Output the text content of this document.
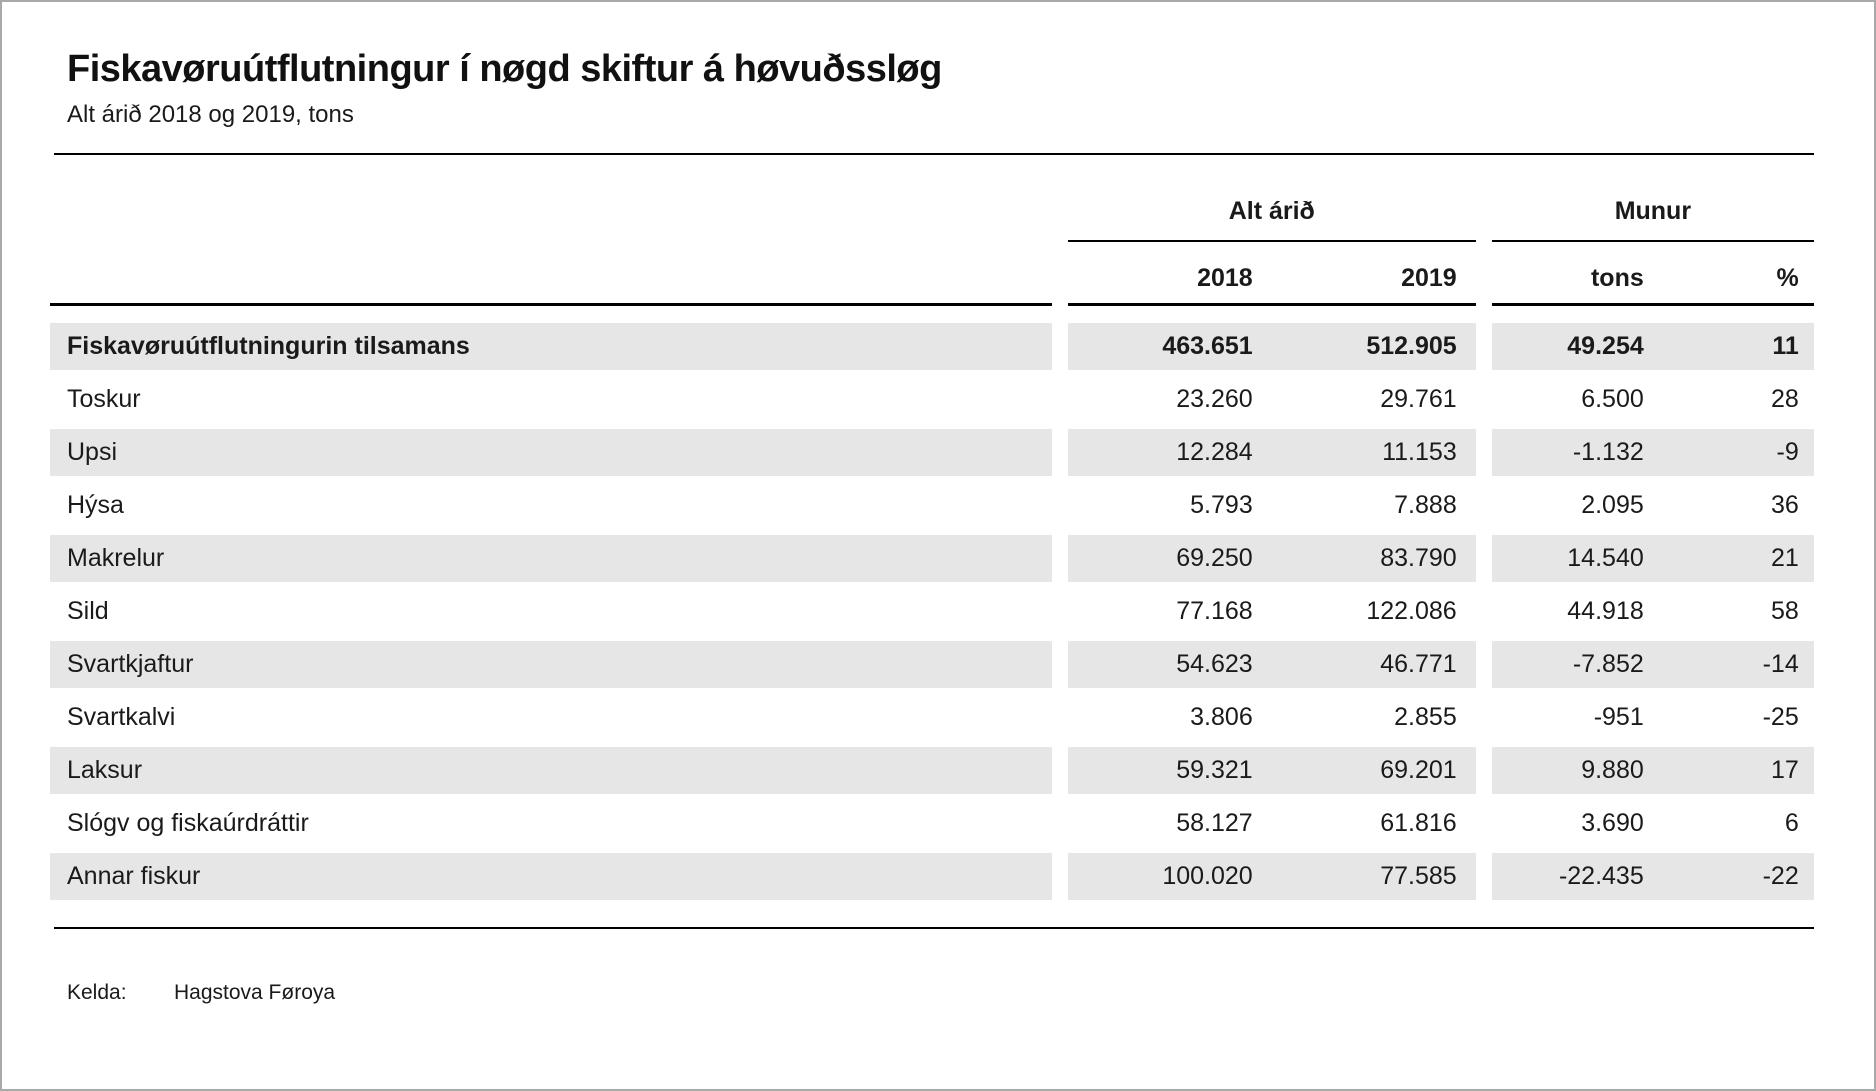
Fiskavøruútflutningur í nøgd skiftur á høvuðssløg
Alt árið 2018 og 2019, tons
Alt árið	Munur
2018	2019	tons	%
Fiskavøruútflutningurin tilsamans	463.651	512.905	49.254	11
Toskur	23.260	29.761	6.500	28
Upsi	12.284	11.153	-1.132	-9
Hýsa	5.793	7.888	2.095	36
Makrelur	69.250	83.790	14.540	21
Sild	77.168	122.086	44.918	58
Svartkjaftur	54.623	46.771	-7.852	-14
Svartkalvi	3.806	2.855	-951	-25
Laksur	59.321	69.201	9.880	17
Slógv og fiskaúrdráttir	58.127	61.816	3.690	6
Annar fiskur	100.020	77.585	-22.435	-22
Kelda: Hagstova Føroya
